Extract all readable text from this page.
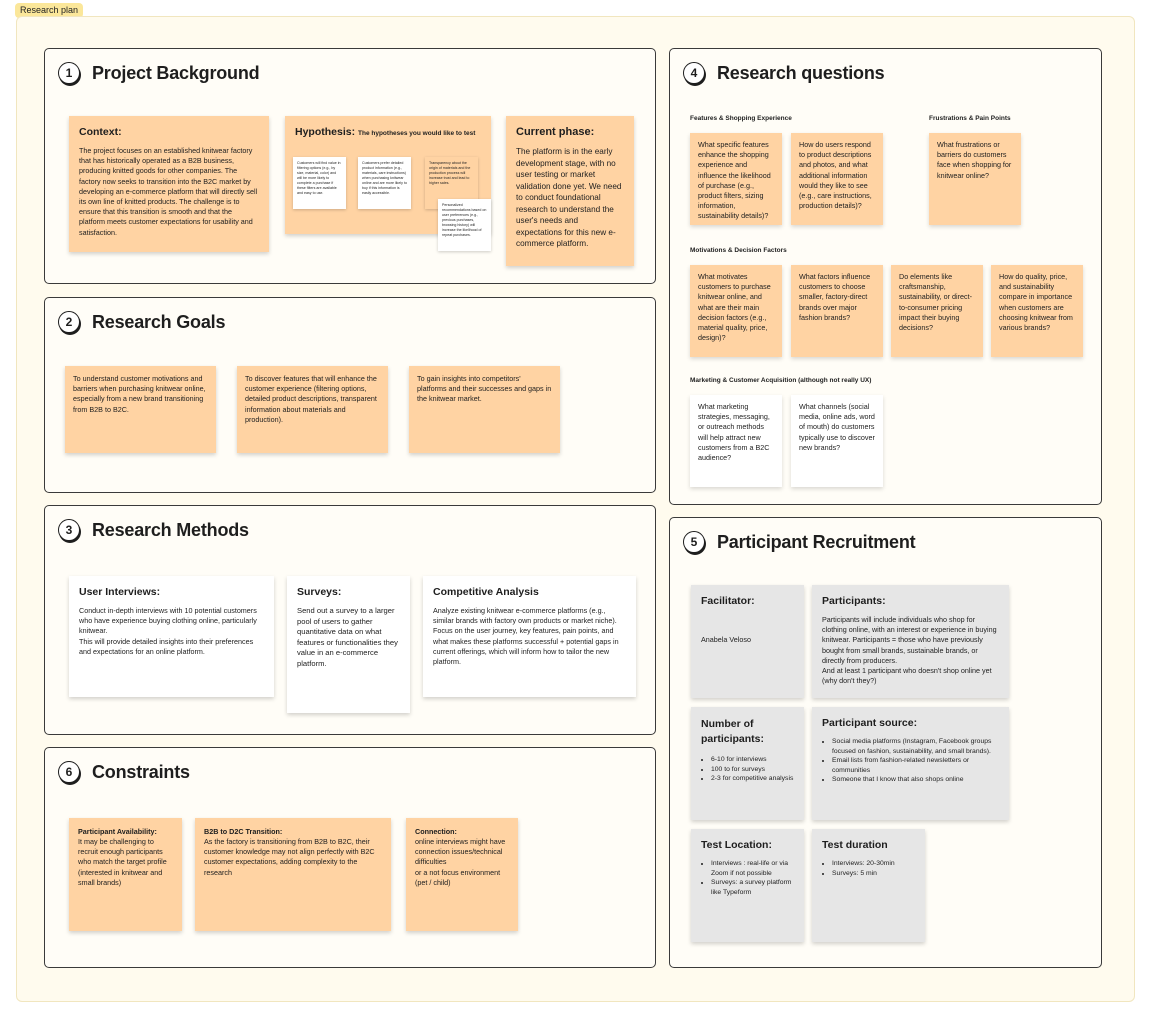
Research plan
1	Project Background
Context:
The project focuses on an established knitwear factory that has historically operated as a B2B business, producing knitted goods for other companies. The factory now seeks to transition into the B2C market by developing an e-commerce platform that will directly sell its own line of knitted products. The challenge is to ensure that this transition is smooth and that the platform meets customer expectations for usability and satisfaction.
Hypothesis: The hypotheses you would like to test
Customers will find value in filtering options (e.g., by size, material, color) and will be more likely to complete a purchase if these filters are available and easy to use.
Customers prefer detailed product information (e.g., materials, care instructions) when purchasing knitwear online and are more likely to buy if this information is easily accessible.
Transparency about the origin of materials and the production process will increase trust and lead to higher sales.
Personalized recommendations based on user preferences (e.g., previous purchases, browsing history) will increase the likelihood of repeat purchases.
Current phase:
The platform is in the early development stage, with no user testing or market validation done yet. We need to conduct foundational research to understand the user's needs and expectations for this new e-commerce platform.
2	Research Goals
To understand customer motivations and barriers when purchasing knitwear online, especially from a new brand transitioning from B2B to B2C.
To discover features that will enhance the customer experience (filtering options, detailed product descriptions, transparent information about materials and production).
To gain insights into competitors' platforms and their successes and gaps in the knitwear market.
3	Research Methods
User Interviews:
Conduct in-depth interviews with 10 potential customers who have experience buying clothing online, particularly knitwear.
This will provide detailed insights into their preferences and expectations for an online platform.
Surveys:
Send out a survey to a larger pool of users to gather quantitative data on what features or functionalities they value in an e-commerce platform.
Competitive Analysis
Analyze existing knitwear e-commerce platforms (e.g., similar brands with factory own products or market niche). Focus on the user journey, key features, pain points, and what makes these platforms successful + potential gaps in current offerings, which will inform how to tailor the new platform.
6	Constraints
Participant Availability:
It may be challenging to recruit enough participants who match the target profile (interested in knitwear and small brands)
B2B to D2C Transition:
As the factory is transitioning from B2B to B2C, their customer knowledge may not align perfectly with B2C customer expectations, adding complexity to the research
Connection:
online interviews might have connection issues/technical difficulties
or a not focus environment (pet / child)
4	Research questions
Features & Shopping Experience	Frustrations & Pain Points
What specific features enhance the shopping experience and influence the likelihood of purchase (e.g., product filters, sizing information, sustainability details)?
How do users respond to product descriptions and photos, and what additional information would they like to see (e.g., care instructions, production details)?
What frustrations or barriers do customers face when shopping for knitwear online?
Motivations & Decision Factors
What motivates customers to purchase knitwear online, and what are their main decision factors (e.g., material quality, price, design)?
What factors influence customers to choose smaller, factory-direct brands over major fashion brands?
Do elements like craftsmanship, sustainability, or direct-to-consumer pricing impact their buying decisions?
How do quality, price, and sustainability compare in importance when customers are choosing knitwear from various brands?
Marketing & Customer Acquisition (although not really UX)
What marketing strategies, messaging, or outreach methods will help attract new customers from a B2C audience?
What channels (social media, online ads, word of mouth) do customers typically use to discover new brands?
5	Participant Recruitment
Facilitator:
Anabela Veloso
Participants:
Participants will include individuals who shop for clothing online, with an interest or experience in buying knitwear. Participants = those who have previously bought from small brands, sustainable brands, or directly from producers.
And at least 1 participant who doesn't shop online yet (why don't they?)
Number of participants:
• 6-10 for interviews
• 100 to for surveys
• 2-3 for competitive analysis
Participant source:
• Social media platforms (Instagram, Facebook groups focused on fashion, sustainability, and small brands).
• Email lists from fashion-related newsletters or communities
• Someone that I know that also shops online
Test Location:
• Interviews : real-life or via Zoom if not possible
• Surveys: a survey platform like Typeform
Test duration
• Interviews: 20-30min
• Surveys: 5 min
